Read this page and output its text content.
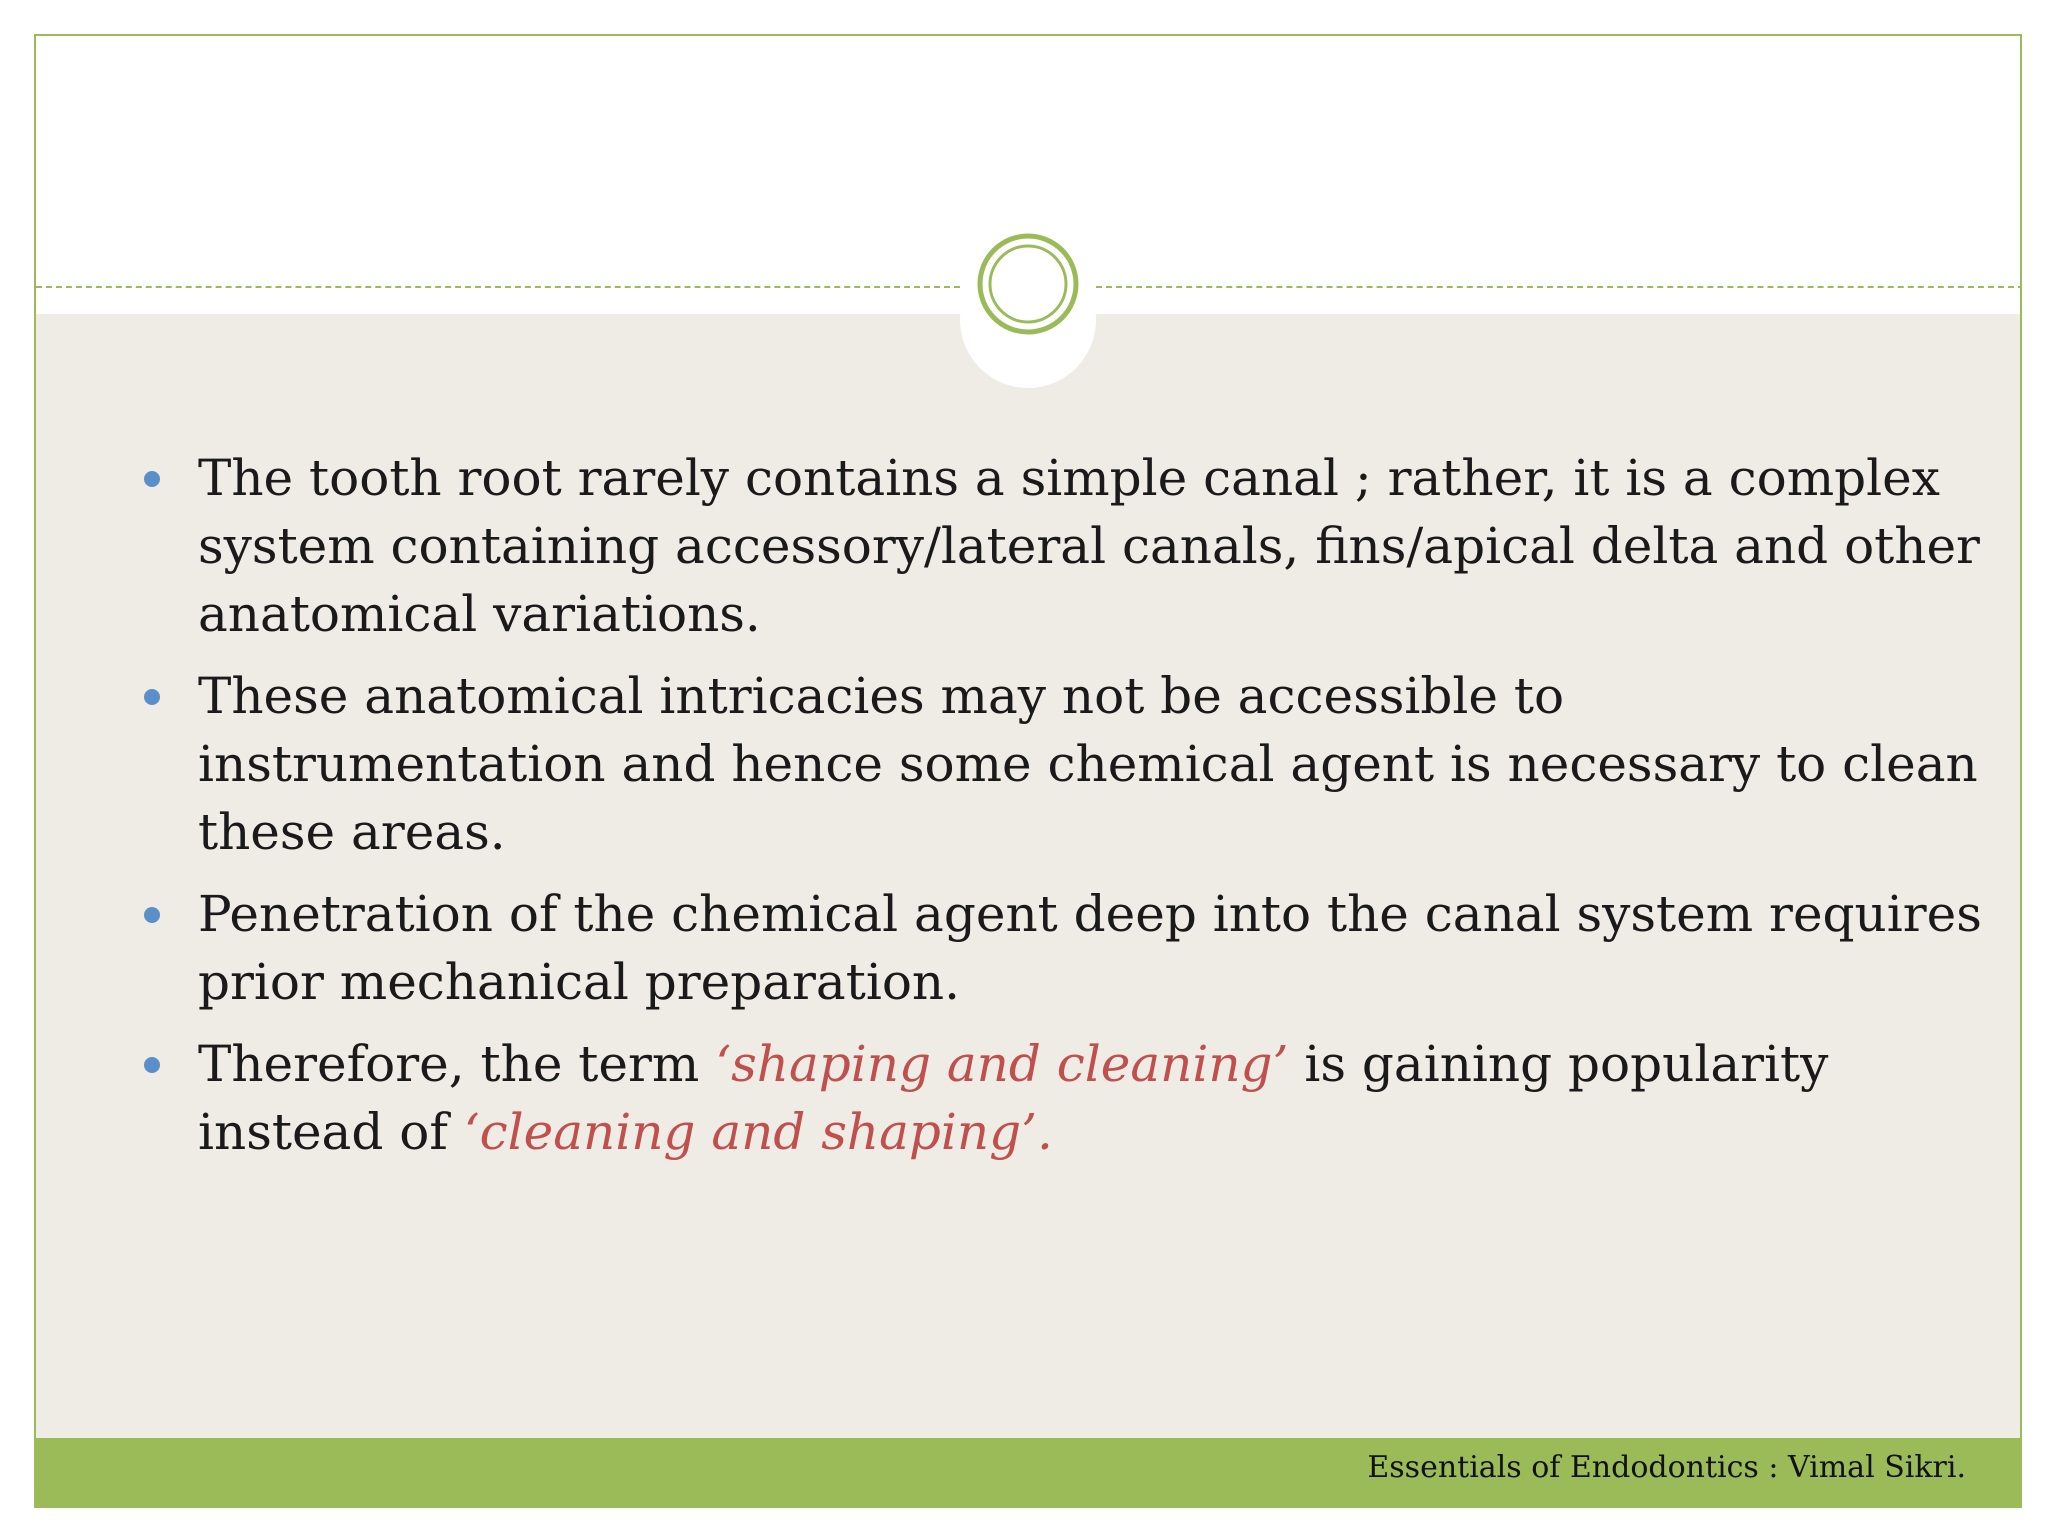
The tooth root rarely contains a simple canal ; rather, it is a complex system containing accessory/lateral canals, fins/apical delta and other anatomical variations.
These anatomical intricacies may not be accessible to instrumentation and hence some chemical agent is necessary to clean these areas.
Penetration of the chemical agent deep into the canal system requires prior mechanical preparation.
Therefore, the term ‘shaping and cleaning’ is gaining popularity instead of ‘cleaning and shaping’.
Essentials of Endodontics : Vimal Sikri.
